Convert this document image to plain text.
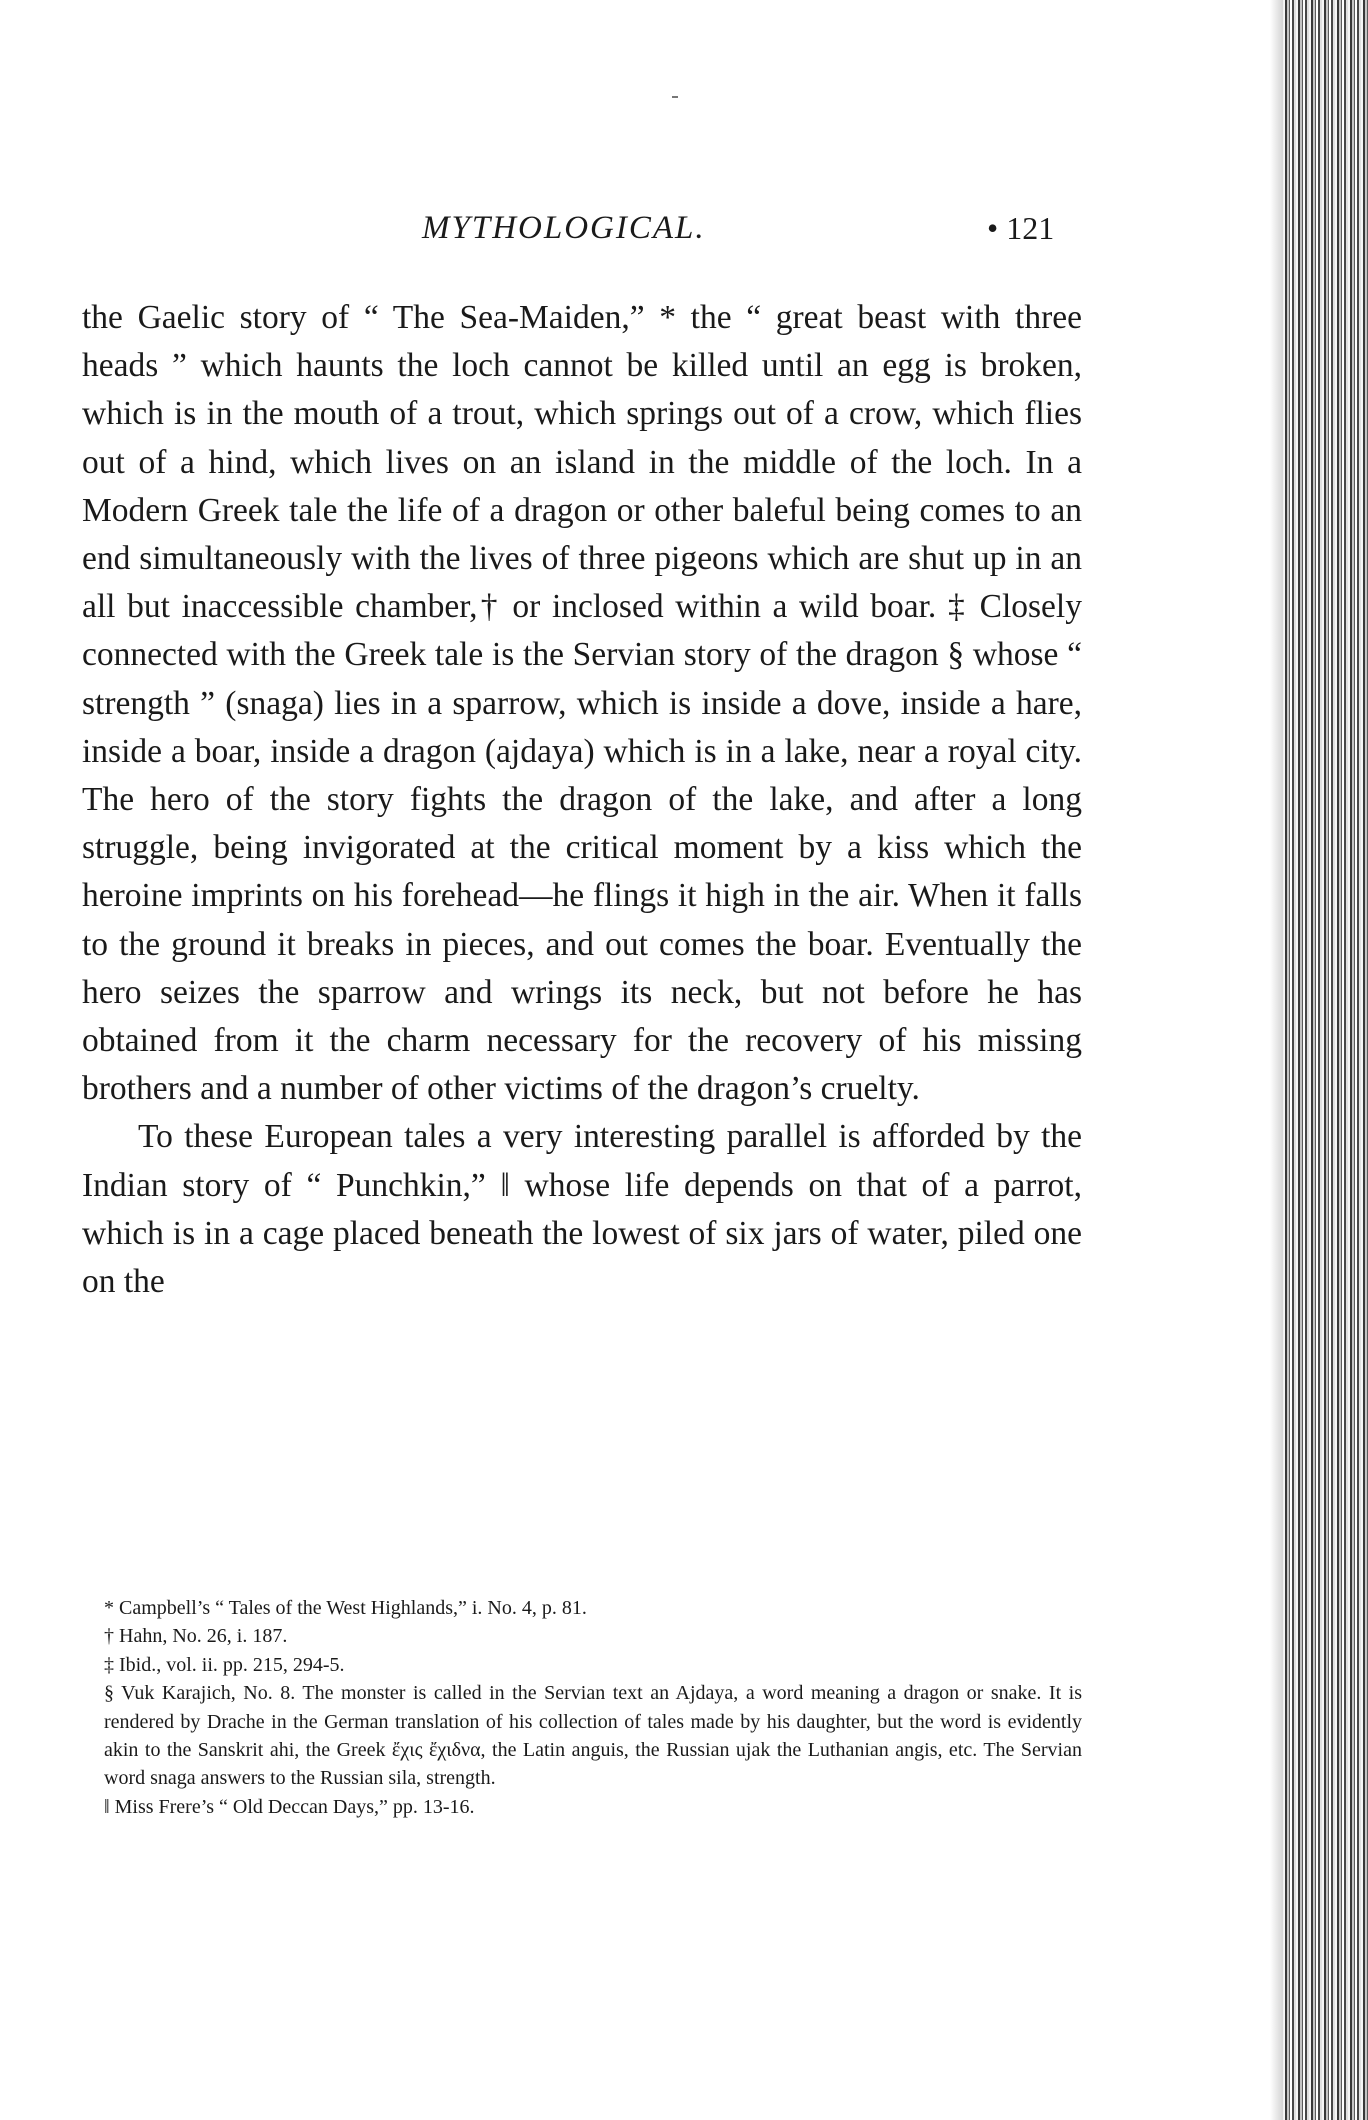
MYTHOLOGICAL.	• 121

the Gaelic story of “ The Sea-Maiden,” * the “ great beast with three heads ” which haunts the loch cannot be killed until an egg is broken, which is in the mouth of a trout, which springs out of a crow, which flies out of a hind, which lives on an island in the middle of the loch. In a Modern Greek tale the life of a dragon or other baleful being comes to an end simultaneously with the lives of three pigeons which are shut up in an all but inaccessible chamber,† or inclosed within a wild boar. ‡ Closely connected with the Greek tale is the Servian story of the dragon § whose “ strength ” (snaga) lies in a sparrow, which is inside a dove, inside a hare, inside a boar, inside a dragon (ajdaya) which is in a lake, near a royal city. The hero of the story fights the dragon of the lake, and after a long struggle, being invigorated at the critical moment by a kiss which the heroine imprints on his forehead—he flings it high in the air. When it falls to the ground it breaks in pieces, and out comes the boar. Eventually the hero seizes the sparrow and wrings its neck, but not before he has obtained from it the charm necessary for the recovery of his missing brothers and a number of other victims of the dragon’s cruelty.

To these European tales a very interesting parallel is afforded by the Indian story of “ Punchkin,” ‖ whose life depends on that of a parrot, which is in a cage placed beneath the lowest of six jars of water, piled one on the

* Campbell’s “ Tales of the West Highlands,” i. No. 4, p. 81.

† Hahn, No. 26, i. 187.

‡ Ibid., vol. ii. pp. 215, 294-5.

§ Vuk Karajich, No. 8. The monster is called in the Servian text an Ajdaya, a word meaning a dragon or snake. It is rendered by Drache in the German translation of his collection of tales made by his daughter, but the word is evidently akin to the Sanskrit ahi, the Greek ἔχις ἔχιδνα, the Latin anguis, the Russian ujak the Luthanian angis, etc. The Servian word snaga answers to the Russian sila, strength.

‖ Miss Frere’s “ Old Deccan Days,” pp. 13-16.
